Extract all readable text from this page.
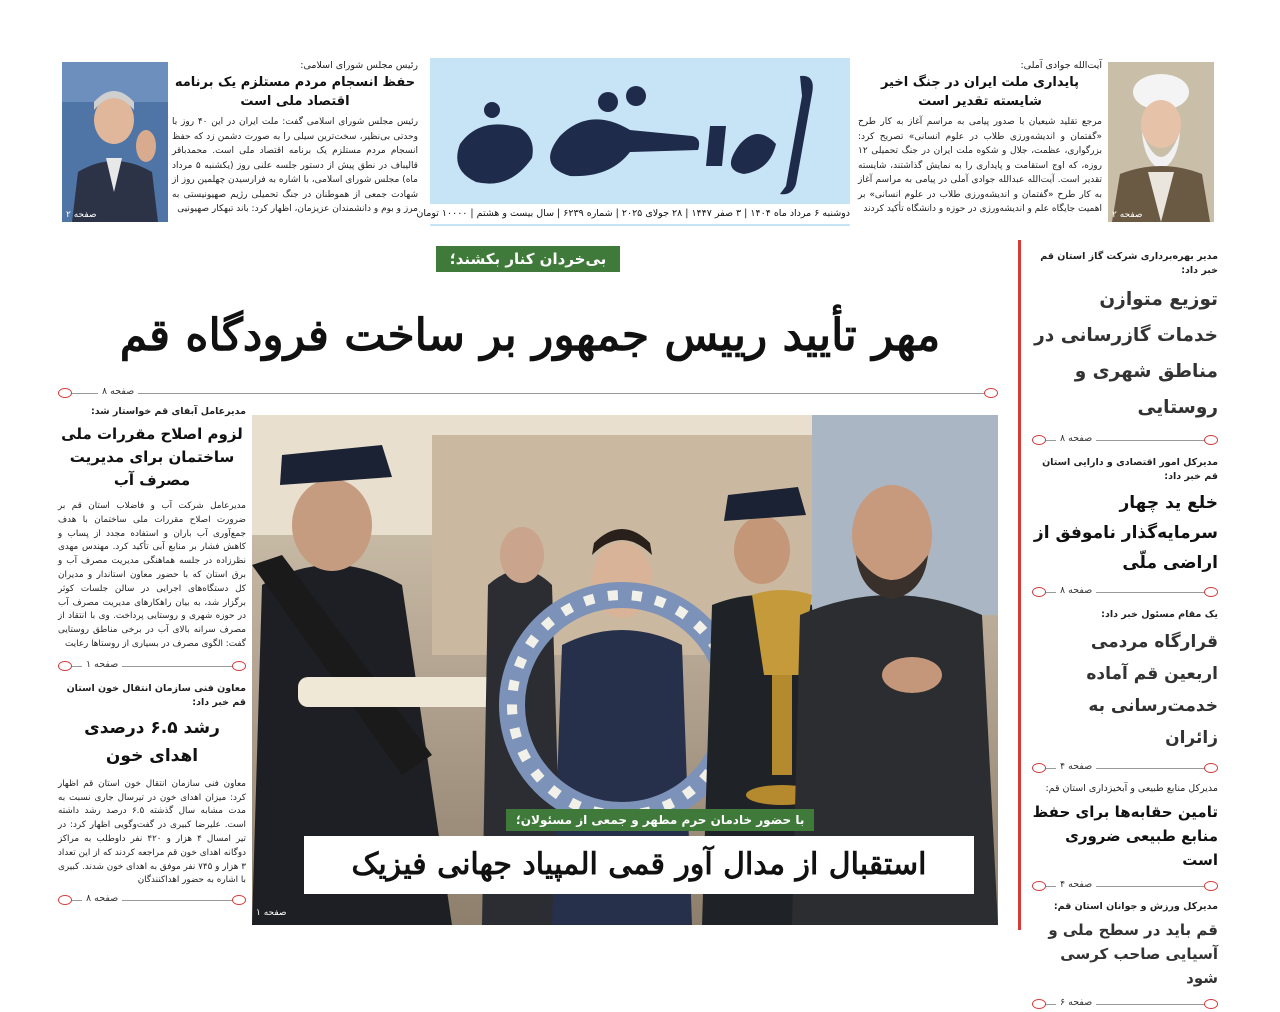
صفحه ۲
رئیس مجلس شورای اسلامی:
حفظ انسجام مردم مستلزم یک برنامه اقتصاد ملی است
رئیس مجلس شورای اسلامی گفت: ملت ایران در این ۴۰ روز با وحدتی بی‌نظیر، سخت‌ترین سیلی را به صورت دشمن زد که حفظ انسجام مردم مستلزم یک برنامه اقتصاد ملی است. محمدباقر قالیباف در نطق پیش از دستور جلسه علنی روز (یکشنبه ۵ مرداد ماه) مجلس شورای اسلامی، با اشاره به فرارسیدن چهلمین روز از شهادت جمعی از هموطنان در جنگ تحمیلی رژیم صهیونیستی به مرز و بوم و دانشمندان عزیزمان، اظهار کرد: باند تبهکار صهیونیی
دوشنبه ۶ مرداد ماه ۱۴۰۴ | ۳ صفر ۱۴۴۷ | ۲۸ جولای ۲۰۲۵ | شماره ۶۲۳۹ | سال بیست و هشتم | ۱۰۰۰۰ تومان
آیت‌الله جوادی آملی:
پایداری ملت ایران در جنگ اخیر شایسته تقدیر است
مرجع تقلید شیعیان با صدور پیامی به مراسم آغاز به کار طرح «گفتمان و اندیشه‌ورزی طلاب در علوم انسانی» تصریح کرد: بزرگواری، عظمت، جلال و شکوه ملت ایران در جنگ تحمیلی ۱۲ روزه، که اوج استقامت و پایداری را به نمایش گذاشتند، شایسته تقدیر است. آیت‌الله عبدالله جوادی آملی در پیامی به مراسم آغاز به کار طرح «گفتمان و اندیشه‌ورزی طلاب در علوم انسانی» بر اهمیت جایگاه علم و اندیشه‌ورزی در حوزه و دانشگاه تأکید کردند
صفحه ۲
بی‌خردان کنار بکشند؛
مهر تأیید رییس جمهور بر ساخت فرودگاه قم
صفحه ۸
مدیرعامل آبفای قم خواستار شد:
لزوم اصلاح مقررات ملی ساختمان برای مدیریت مصرف آب
مدیرعامل شرکت آب و فاضلاب استان قم بر ضرورت اصلاح مقررات ملی ساختمان با هدف جمع‌آوری آب باران و استفاده مجدد از پساب و کاهش فشار بر منابع آبی تأکید کرد. مهندس مهدی نظرزاده در جلسه هماهنگی مدیریت مصرف آب و برق استان که با حضور معاون استاندار و مدیران کل دستگاه‌های اجرایی در سالن جلسات کوثر برگزار شد، به بیان راهکارهای مدیریت مصرف آب در حوزه شهری و روستایی پرداخت. وی با انتقاد از مصرف سرانه بالای آب در برخی مناطق روستایی گفت: الگوی مصرف در بسیاری از روستاها رعایت
صفحه ۱
معاون فنی سازمان انتقال خون استان قم خبر داد:
رشد ۶.۵ درصدی اهدای خون
معاون فنی سازمان انتقال خون استان قم اظهار کرد: میزان اهدای خون در تیرسال جاری نسبت به مدت مشابه سال گذشته ۶.۵ درصد رشد داشته است. علیرضا کبیری در گفت‌وگویی اظهار کرد: در تیر امسال ۴ هزار و ۴۲۰ نفر داوطلب به مراکز دوگانه اهدای خون قم مراجعه کردند که از این تعداد ۳ هزار و ۷۴۵ نفر موفق به اهدای خون شدند. کبیری با اشاره به حضور اهداکنندگان
صفحه ۸
صفحه ۱
با حضور خادمان حرم مطهر و جمعی از مسئولان؛
استقبال از مدال آور قمی المپیاد جهانی فیزیک
مدیر بهره‌برداری شرکت گاز استان قم خبر داد:
توزیع متوازن خدمات گازرسانی در مناطق شهری و روستایی
صفحه ۸
مدیرکل امور اقتصادی و دارایی استان قم خبر داد:
خلع ید چهار سرمایه‌گذار ناموفق از اراضی ملّی
صفحه ۸
یک مقام مسئول خبر داد:
قرارگاه مردمی اربعین قم آماده خدمت‌رسانی به زائران
صفحه ۴
مدیرکل منابع طبیعی و آبخیزداری استان قم:
تامین حقابه‌ها برای حفظ منابع طبیعی ضروری است
صفحه ۴
مدیرکل ورزش و جوانان استان قم:
قم باید در سطح ملی و آسیایی صاحب کرسی شود
صفحه ۶
